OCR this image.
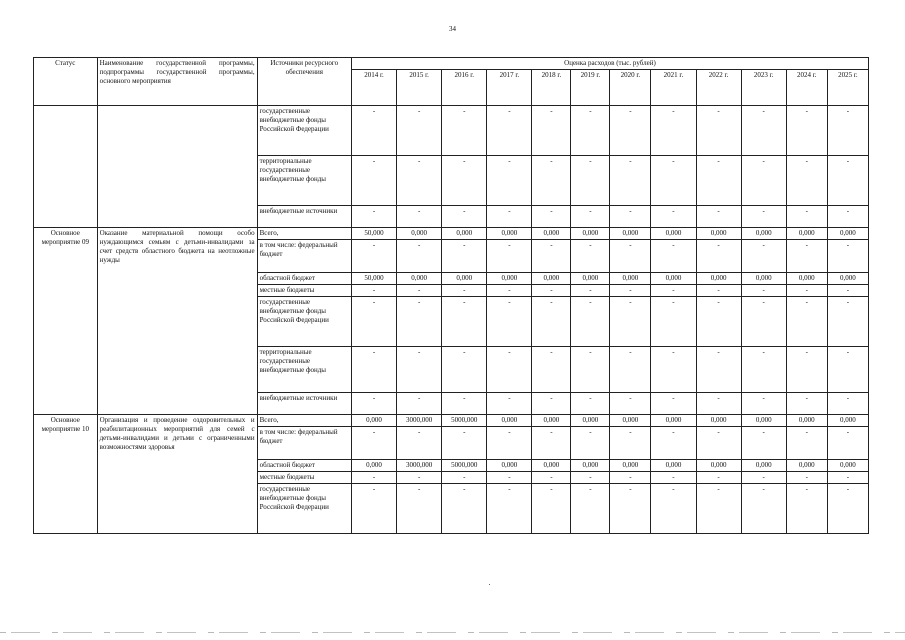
34
Статус	Наименование государственной программы, подпрограммы государственной программы, основного мероприятия	Источники ресурсного обеспечения	Оценка расходов (тыс. рублей)											
			2014 г.	2015 г.	2016 г.	2017 г.	2018 г.	2019 г.	2020 г.	2021 г.	2022 г.	2023 г.	2024 г.	2025 г.
		государственные внебюджетные фонды Российской Федерации	-	-	-	-	-	-	-	-	-	-	-	-
		территориальные государственные внебюджетные фонды	-	-	-	-	-	-	-	-	-	-	-	-
		внебюджетные источники	-	-	-	-	-	-	-	-	-	-	-	-
Основное мероприятие 09	Оказание материальной помощи особо нуждающимся семьям с детьми-инвалидами за счет средств областного бюджета на неотложные нужды	Всего,	50,000	0,000	0,000	0,000	0,000	0,000	0,000	0,000	0,000	0,000	0,000	0,000
		в том числе: федеральный бюджет	-	-	-	-	-	-	-	-	-	-	-	-
		областной бюджет	50,000	0,000	0,000	0,000	0,000	0,000	0,000	0,000	0,000	0,000	0,000	0,000
		местные бюджеты	-	-	-	-	-	-	-	-	-	-	-	-
		государственные внебюджетные фонды Российской Федерации	-	-	-	-	-	-	-	-	-	-	-	-
		территориальные государственные внебюджетные фонды	-	-	-	-	-	-	-	-	-	-	-	-
		внебюджетные источники	-	-	-	-	-	-	-	-	-	-	-	-
Основное мероприятие 10	Организация и проведение оздоровительных и реабилитационных мероприятий для семей с детьми-инвалидами и детьми с ограниченными возможностями здоровья	Всего,	0,000	3000,000	5000,000	0,000	0,000	0,000	0,000	0,000	0,000	0,000	0,000	0,000
		в том числе: федеральный бюджет	-	-	-	-	-	-	-	-	-	-	-	-
		областной бюджет	0,000	3000,000	5000,000	0,000	0,000	0,000	0,000	0,000	0,000	0,000	0,000	0,000
		местные бюджеты	-	-	-	-	-	-	-	-	-	-	-	-
		государственные внебюджетные фонды Российской Федерации	-	-	-	-	-	-	-	-	-	-	-	-
